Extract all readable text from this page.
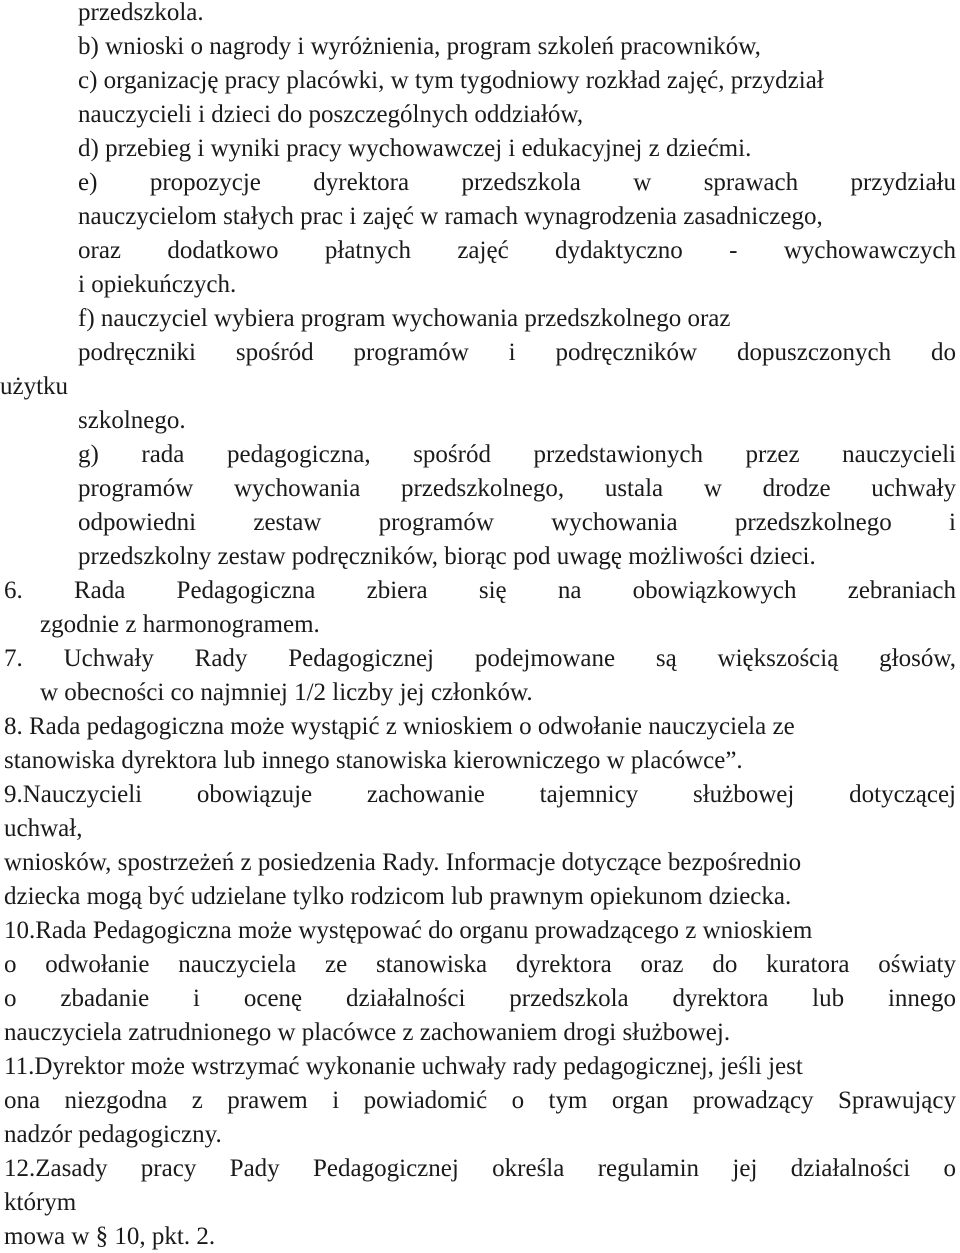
przedszkola.
b) wnioski o nagrody i wyróżnienia, program szkoleń pracowników,
c) organizację pracy placówki, w tym tygodniowy rozkład zajęć, przydział
nauczycieli i dzieci do poszczególnych oddziałów,
d) przebieg i wyniki pracy wychowawczej i edukacyjnej z dziećmi.
e) propozycje dyrektora przedszkola w sprawach przydziału
nauczycielom stałych prac i zajęć w ramach wynagrodzenia zasadniczego,
oraz dodatkowo płatnych zajęć dydaktyczno - wychowawczych
i opiekuńczych.
f) nauczyciel wybiera program wychowania przedszkolnego oraz
podręczniki spośród programów i podręczników dopuszczonych do
użytku
szkolnego.
g) rada pedagogiczna, spośród przedstawionych przez nauczycieli
programów wychowania przedszkolnego, ustala w drodze uchwały
odpowiedni zestaw programów wychowania przedszkolnego i
przedszkolny zestaw podręczników, biorąc pod uwagę możliwości dzieci.
6. Rada Pedagogiczna zbiera się na obowiązkowych zebraniach
zgodnie z harmonogramem.
7. Uchwały Rady Pedagogicznej podejmowane są większością głosów,
w obecności co najmniej 1/2 liczby jej członków.
8. Rada pedagogiczna może wystąpić z wnioskiem o odwołanie nauczyciela ze
stanowiska dyrektora lub innego stanowiska kierowniczego w placówce”.
9.Nauczycieli obowiązuje zachowanie tajemnicy służbowej dotyczącej
uchwał,
wniosków, spostrzeżeń z posiedzenia Rady. Informacje dotyczące bezpośrednio
dziecka mogą być udzielane tylko rodzicom lub prawnym opiekunom dziecka.
10.Rada Pedagogiczna może występować do organu prowadzącego z wnioskiem
o odwołanie nauczyciela ze stanowiska dyrektora oraz do kuratora oświaty
o zbadanie i ocenę działalności przedszkola dyrektora lub innego
nauczyciela zatrudnionego w placówce z zachowaniem drogi służbowej.
11.Dyrektor może wstrzymać wykonanie uchwały rady pedagogicznej, jeśli jest
ona niezgodna z prawem i powiadomić o tym organ prowadzący Sprawujący
nadzór pedagogiczny.
12.Zasady pracy Pady Pedagogicznej określa regulamin jej działalności o
którym
mowa w § 10, pkt. 2.
